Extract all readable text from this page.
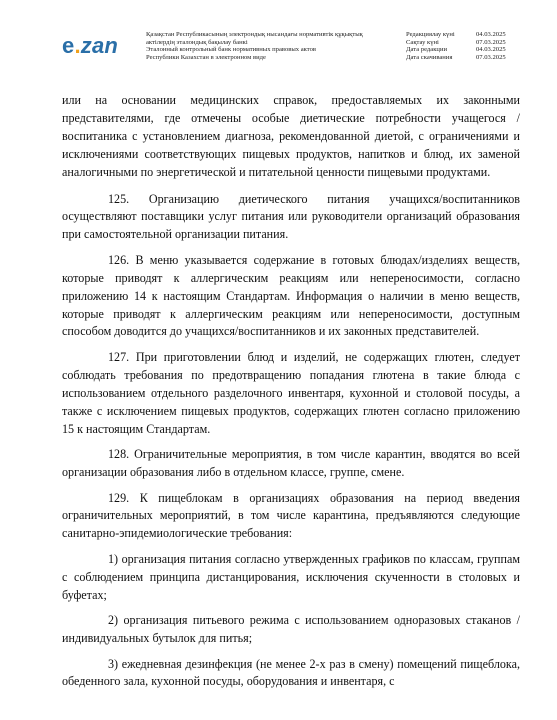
e.zan	Қазақстан Республикасының электрондық нысандағы нормативтік құқықтық
актілердің эталондық бақылау банкі
Эталонный контрольный банк нормативных правовых актов
Республики Казахстан в электронном виде
Редакциялау күні	04.03.2025
Сақтау күні	07.03.2025
Дата редакции	04.03.2025
Дата скачивания	07.03.2025

или на основании медицинских справок, предоставляемых их законными представителями, где отмечены особые диетические потребности учащегося /воспитаника с установлением диагноза, рекомендованной диетой, с ограничениями и исключениями соответствующих пищевых продуктов, напитков и блюд, их заменой аналогичными по энергетической и питательной ценности пищевыми продуктами.

125. Организацию диетического питания учащихся/воспитанников осуществляют поставщики услуг питания или руководители организаций образования при самостоятельной организации питания.

126. В меню указывается содержание в готовых блюдах/изделиях веществ, которые приводят к аллергическим реакциям или непереносимости, согласно приложению 14 к настоящим Стандартам. Информация о наличии в меню веществ, которые приводят к аллергическим реакциям или непереносимости, доступным способом доводится до учащихся/воспитанников и их законных представителей.

127. При приготовлении блюд и изделий, не содержащих глютен, следует соблюдать требования по предотвращению попадания глютена в такие блюда с использованием отдельного разделочного инвентаря, кухонной и столовой посуды, а также с исключением пищевых продуктов, содержащих глютен согласно приложению 15 к настоящим Стандартам.

128. Ограничительные мероприятия, в том числе карантин, вводятся во всей организации образования либо в отдельном классе, группе, смене.

129. К пищеблокам в организациях образования на период введения ограничительных мероприятий, в том числе карантина, предъявляются следующие санитарно-эпидемиологические требования:

1) организация питания согласно утвержденных графиков по классам, группам с соблюдением принципа дистанцирования, исключения скученности в столовых и буфетах;

2) организация питьевого режима с использованием одноразовых стаканов /индивидуальных бутылок для питья;

3) ежедневная дезинфекция (не менее 2-х раз в смену) помещений пищеблока, обеденного зала, кухонной посуды, оборудования и инвентаря, с
